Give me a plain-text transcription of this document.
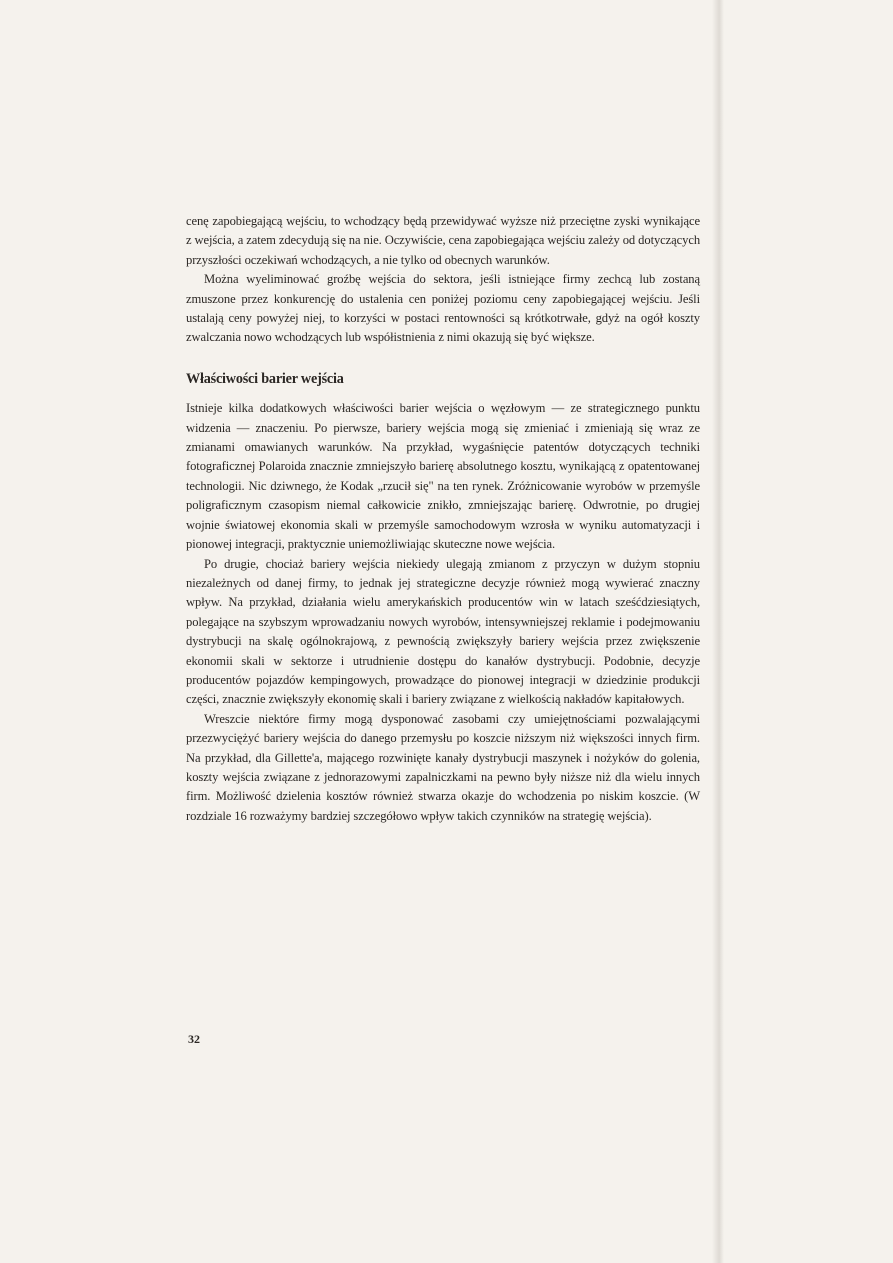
cenę zapobiegającą wejściu, to wchodzący będą przewidywać wyższe niż przeciętne zyski wynikające z wejścia, a zatem zdecydują się na nie. Oczywiście, cena zapobiegająca wejściu zależy od dotyczących przyszłości oczekiwań wchodzących, a nie tylko od obecnych warunków.

Można wyeliminować groźbę wejścia do sektora, jeśli istniejące firmy zechcą lub zostaną zmuszone przez konkurencję do ustalenia cen poniżej poziomu ceny zapobiegającej wejściu. Jeśli ustalają ceny powyżej niej, to korzyści w postaci rentowności są krótkotrwałe, gdyż na ogół koszty zwalczania nowo wchodzących lub współistnienia z nimi okazują się być większe.

Właściwości barier wejścia

Istnieje kilka dodatkowych właściwości barier wejścia o węzłowym — ze strategicznego punktu widzenia — znaczeniu. Po pierwsze, bariery wejścia mogą się zmieniać i zmieniają się wraz ze zmianami omawianych warunków. Na przykład, wygaśnięcie patentów dotyczących techniki fotograficznej Polaroida znacznie zmniejszyło barierę absolutnego kosztu, wynikającą z opatentowanej technologii. Nic dziwnego, że Kodak „rzucił się" na ten rynek. Zróżnicowanie wyrobów w przemyśle poligraficznym czasopism niemal całkowicie znikło, zmniejszając barierę. Odwrotnie, po drugiej wojnie światowej ekonomia skali w przemyśle samochodowym wzrosła w wyniku automatyzacji i pionowej integracji, praktycznie uniemożliwiając skuteczne nowe wejścia.

Po drugie, chociaż bariery wejścia niekiedy ulegają zmianom z przyczyn w dużym stopniu niezależnych od danej firmy, to jednak jej strategiczne decyzje również mogą wywierać znaczny wpływ. Na przykład, działania wielu amerykańskich producentów win w latach sześćdziesiątych, polegające na szybszym wprowadzaniu nowych wyrobów, intensywniejszej reklamie i podejmowaniu dystrybucji na skalę ogólnokrajową, z pewnością zwiększyły bariery wejścia przez zwiększenie ekonomii skali w sektorze i utrudnienie dostępu do kanałów dystrybucji. Podobnie, decyzje producentów pojazdów kempingowych, prowadzące do pionowej integracji w dziedzinie produkcji części, znacznie zwiększyły ekonomię skali i bariery związane z wielkością nakładów kapitałowych.

Wreszcie niektóre firmy mogą dysponować zasobami czy umiejętnościami pozwalającymi przezwyciężyć bariery wejścia do danego przemysłu po koszcie niższym niż większości innych firm. Na przykład, dla Gillette'a, mającego rozwinięte kanały dystrybucji maszynek i nożyków do golenia, koszty wejścia związane z jednorazowymi zapalniczkami na pewno były niższe niż dla wielu innych firm. Możliwość dzielenia kosztów również stwarza okazje do wchodzenia po niskim koszcie. (W rozdziale 16 rozważymy bardziej szczegółowo wpływ takich czynników na strategię wejścia).

32
